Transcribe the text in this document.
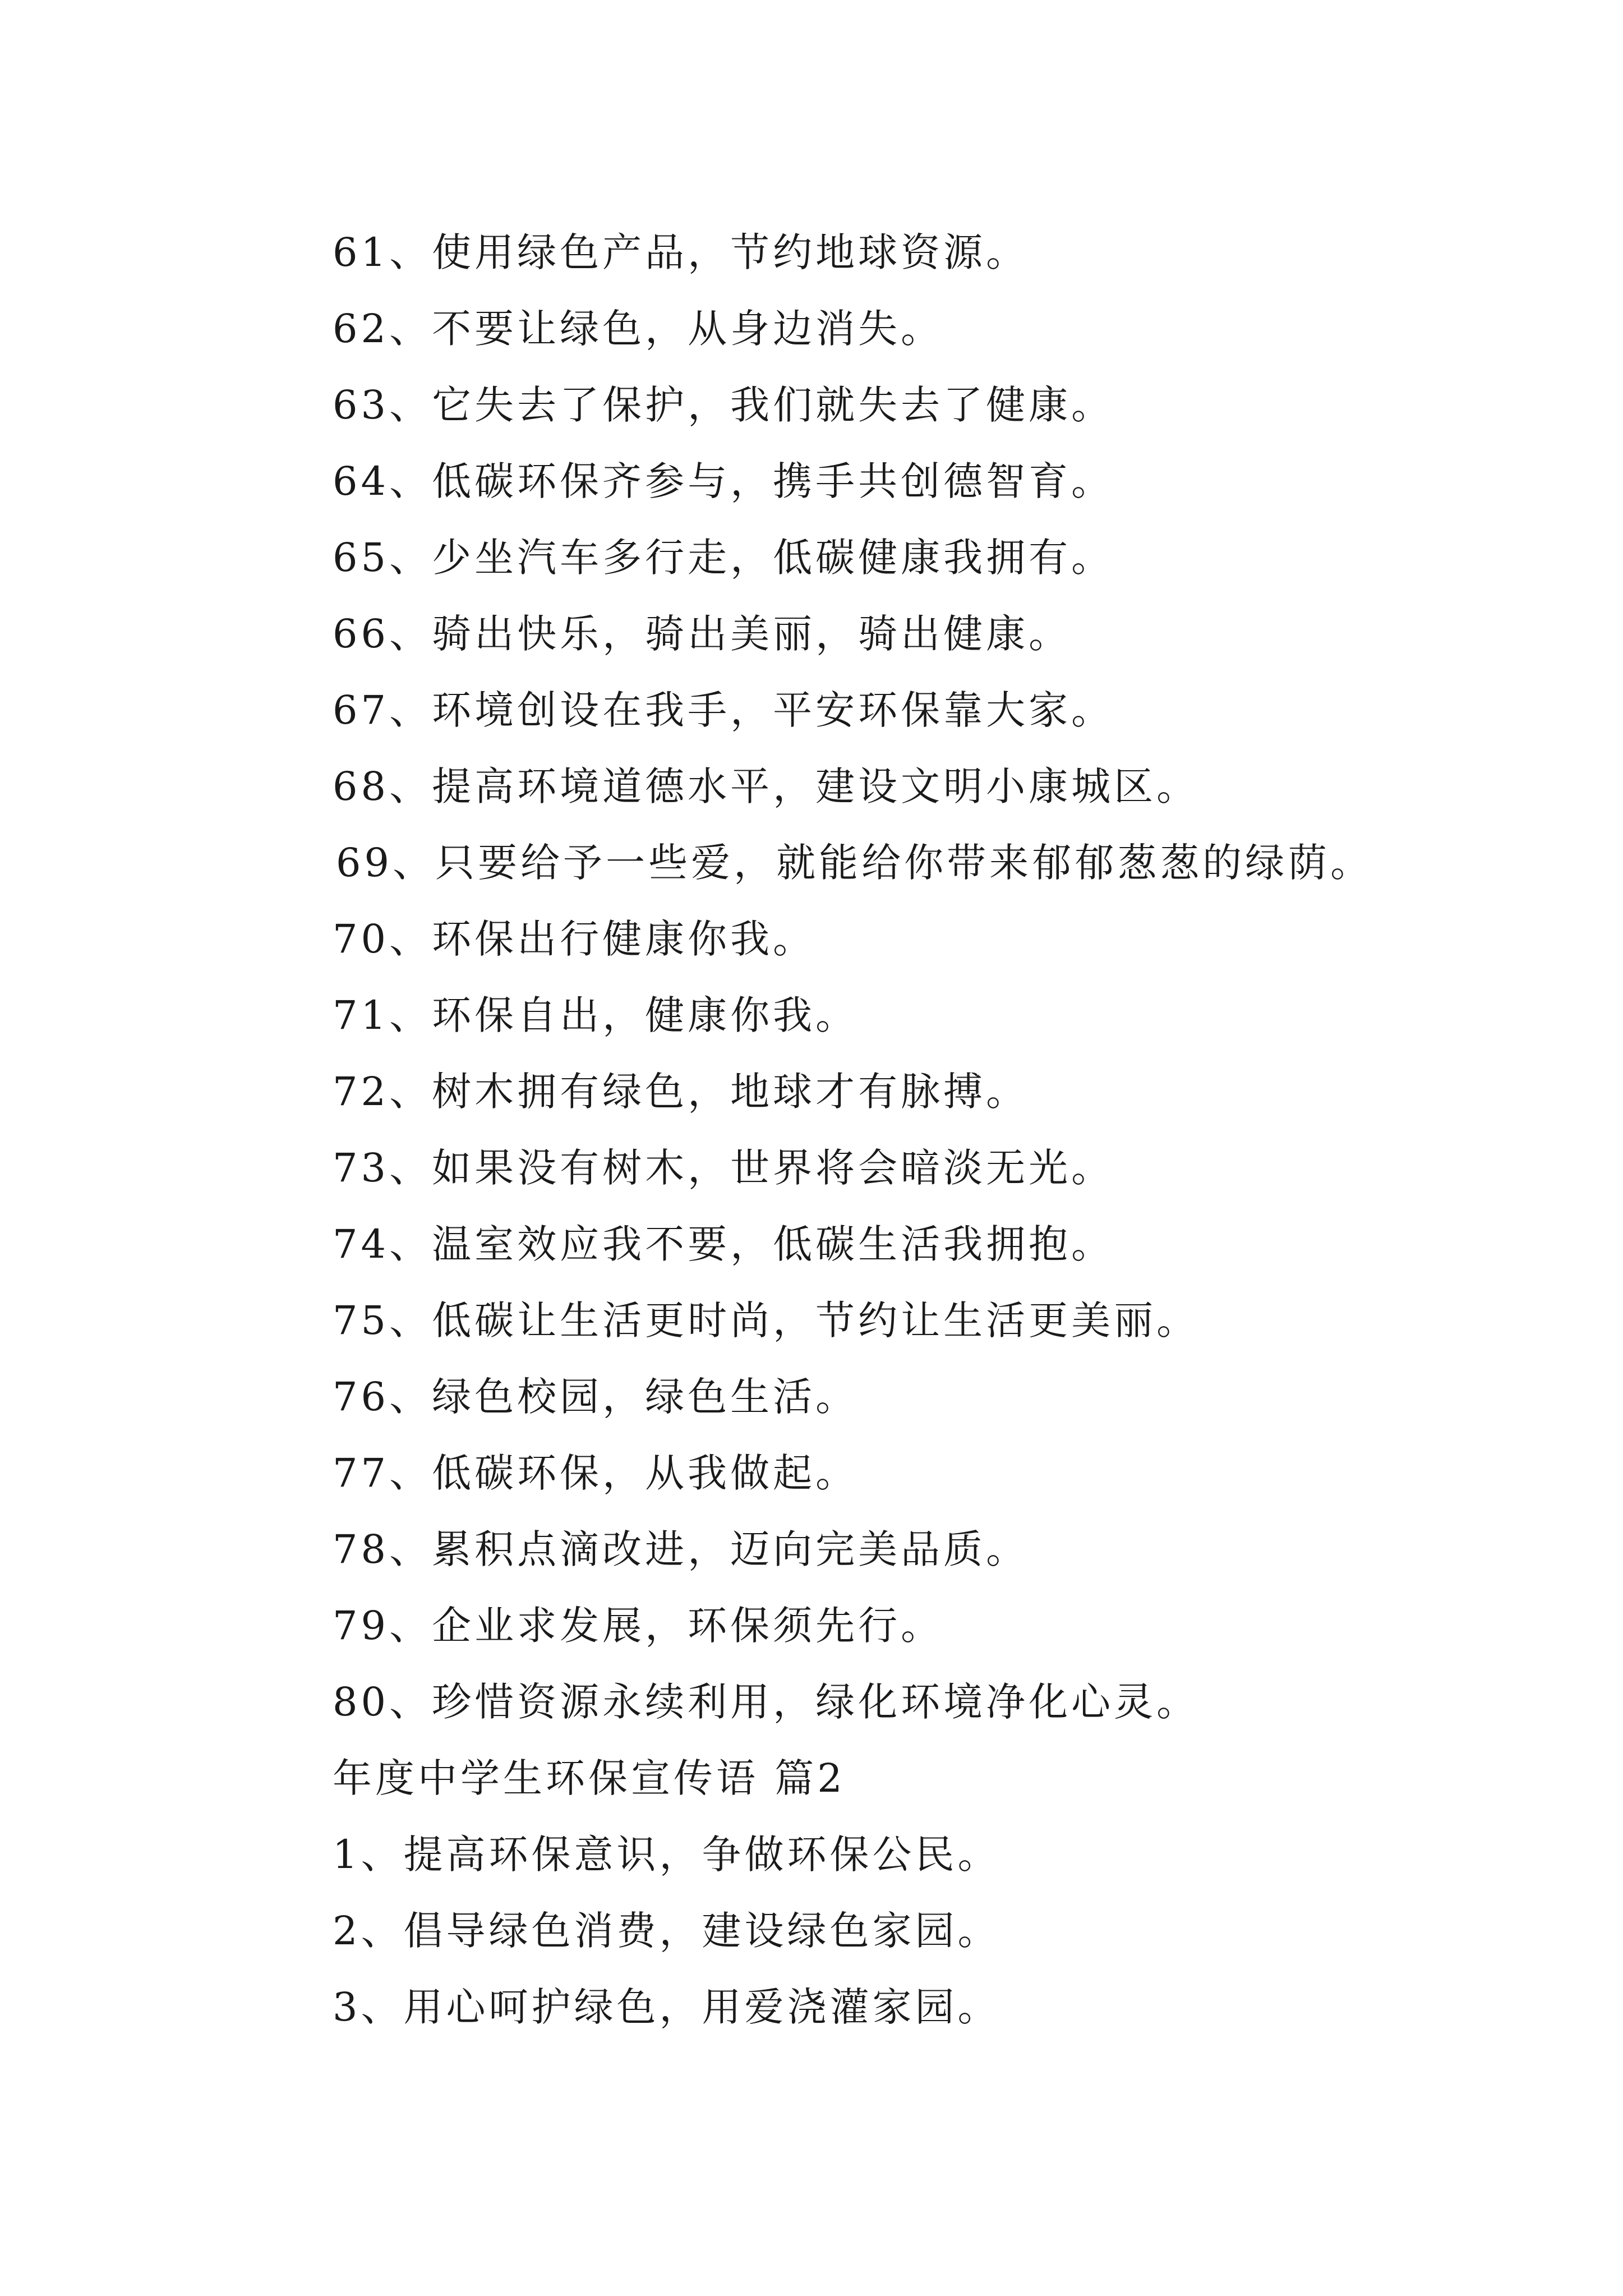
61、使用绿色产品，节约地球资源。
62、不要让绿色，从身边消失。
63、它失去了保护，我们就失去了健康。
64、低碳环保齐参与，携手共创德智育。
65、少坐汽车多行走，低碳健康我拥有。
66、骑出快乐，骑出美丽，骑出健康。
67、环境创设在我手，平安环保靠大家。
68、提高环境道德水平，建设文明小康城区。
69、只要给予一些爱，就能给你带来郁郁葱葱的绿荫。
70、环保出行健康你我。
71、环保自出，健康你我。
72、树木拥有绿色，地球才有脉搏。
73、如果没有树木，世界将会暗淡无光。
74、温室效应我不要，低碳生活我拥抱。
75、低碳让生活更时尚，节约让生活更美丽。
76、绿色校园，绿色生活。
77、低碳环保，从我做起。
78、累积点滴改进，迈向完美品质。
79、企业求发展，环保须先行。
80、珍惜资源永续利用，绿化环境净化心灵。
年度中学生环保宣传语 篇2
1、提高环保意识，争做环保公民。
2、倡导绿色消费，建设绿色家园。
3、用心呵护绿色，用爱浇灌家园。
